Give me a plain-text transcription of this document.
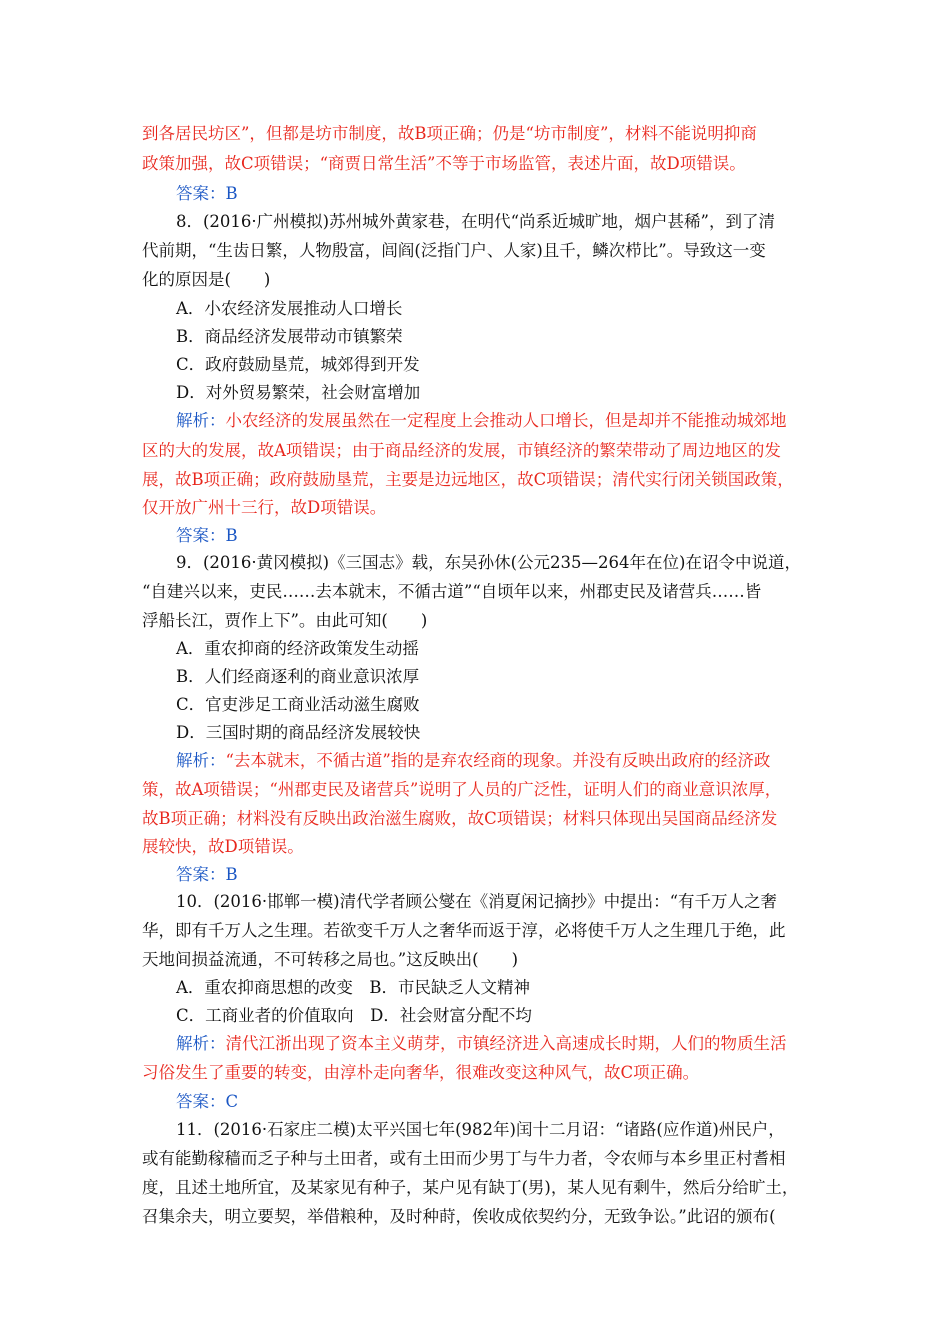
到各居民坊区”，但都是坊市制度，故B项正确；仍是“坊市制度”，材料不能说明抑商
政策加强，故C项错误；“商贾日常生活”不等于市场监管，表述片面，故D项错误。
答案：B
8．(2016·广州模拟)苏州城外黄家巷，在明代“尚系近城旷地，烟户甚稀”，到了清
代前期，“生齿日繁，人物殷富，闾阎(泛指门户、人家)且千，鳞次栉比”。导致这一变
化的原因是(　　)
A．小农经济发展推动人口增长
B．商品经济发展带动市镇繁荣
C．政府鼓励垦荒，城郊得到开发
D．对外贸易繁荣，社会财富增加
解析：小农经济的发展虽然在一定程度上会推动人口增长，但是却并不能推动城郊地
区的大的发展，故A项错误；由于商品经济的发展，市镇经济的繁荣带动了周边地区的发
展，故B项正确；政府鼓励垦荒，主要是边远地区，故C项错误；清代实行闭关锁国政策，
仅开放广州十三行，故D项错误。
答案：B
9．(2016·黄冈模拟)《三国志》载，东吴孙休(公元235—264年在位)在诏令中说道，
“自建兴以来，吏民……去本就末，不循古道”“自顷年以来，州郡吏民及诸营兵……皆
浮船长江，贾作上下”。由此可知(　　)
A．重农抑商的经济政策发生动摇
B．人们经商逐利的商业意识浓厚
C．官吏涉足工商业活动滋生腐败
D．三国时期的商品经济发展较快
解析：“去本就末，不循古道”指的是弃农经商的现象。并没有反映出政府的经济政
策，故A项错误；“州郡吏民及诸营兵”说明了人员的广泛性，证明人们的商业意识浓厚，
故B项正确；材料没有反映出政治滋生腐败，故C项错误；材料只体现出吴国商品经济发
展较快，故D项错误。
答案：B
10．(2016·邯郸一模)清代学者顾公燮在《消夏闲记摘抄》中提出：“有千万人之奢
华，即有千万人之生理。若欲变千万人之奢华而返于淳，必将使千万人之生理几于绝，此
天地间损益流通，不可转移之局也。”这反映出(　　)
A．重农抑商思想的改变　B．市民缺乏人文精神
C．工商业者的价值取向　D．社会财富分配不均
解析：清代江浙出现了资本主义萌芽，市镇经济进入高速成长时期，人们的物质生活
习俗发生了重要的转变，由淳朴走向奢华，很难改变这种风气，故C项正确。
答案：C
11．(2016·石家庄二模)太平兴国七年(982年)闰十二月诏：“诸路(应作道)州民户，
或有能勤稼穑而乏子种与土田者，或有土田而少男丁与牛力者，令农师与本乡里正村耆相
度，且述土地所宜，及某家见有种子，某户见有缺丁(男)，某人见有剩牛，然后分给旷土，
召集余夫，明立要契，举借粮种，及时种莳，俟收成依契约分，无致争讼。”此诏的颁布(
